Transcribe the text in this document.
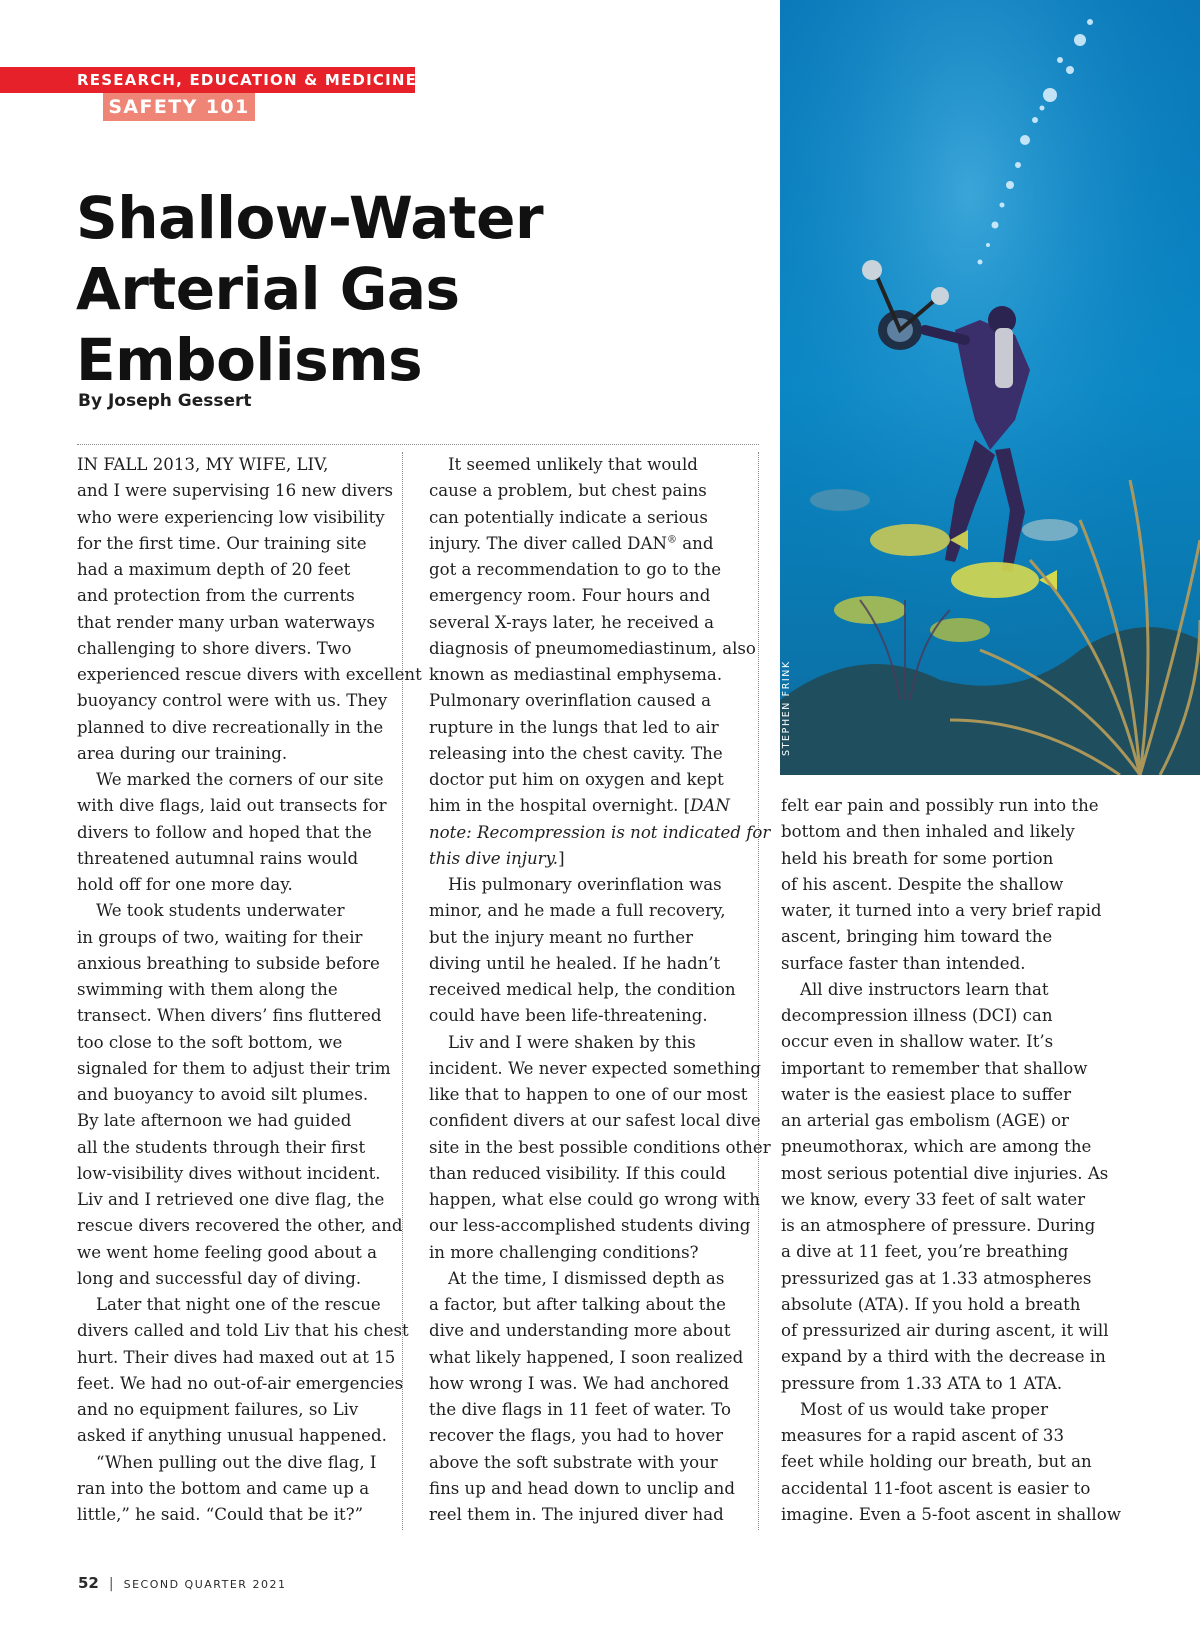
RESEARCH, EDUCATION & MEDICINE
SAFETY 101
Shallow-Water
Arterial Gas
Embolisms
By Joseph Gessert
STEPHEN FRINK
IN FALL 2013, MY WIFE, LIV,
and I were supervising 16 new divers
who were experiencing low visibility
for the first time. Our training site
had a maximum depth of 20 feet
and protection from the currents
that render many urban waterways
challenging to shore divers. Two
experienced rescue divers with excellent
buoyancy control were with us. They
planned to dive recreationally in the
area during our training.
We marked the corners of our site
with dive flags, laid out transects for
divers to follow and hoped that the
threatened autumnal rains would
hold off for one more day.
We took students underwater
in groups of two, waiting for their
anxious breathing to subside before
swimming with them along the
transect. When divers’ fins fluttered
too close to the soft bottom, we
signaled for them to adjust their trim
and buoyancy to avoid silt plumes.
By late afternoon we had guided
all the students through their first
low-visibility dives without incident.
Liv and I retrieved one dive flag, the
rescue divers recovered the other, and
we went home feeling good about a
long and successful day of diving.
Later that night one of the rescue
divers called and told Liv that his chest
hurt. Their dives had maxed out at 15
feet. We had no out-of-air emergencies
and no equipment failures, so Liv
asked if anything unusual happened.
“When pulling out the dive flag, I
ran into the bottom and came up a
little,” he said. “Could that be it?”
It seemed unlikely that would
cause a problem, but chest pains
can potentially indicate a serious
injury. The diver called DAN® and
got a recommendation to go to the
emergency room. Four hours and
several X-rays later, he received a
diagnosis of pneumomediastinum, also
known as mediastinal emphysema.
Pulmonary overinflation caused a
rupture in the lungs that led to air
releasing into the chest cavity. The
doctor put him on oxygen and kept
him in the hospital overnight. [DAN
note: Recompression is not indicated for
this dive injury.]
His pulmonary overinflation was
minor, and he made a full recovery,
but the injury meant no further
diving until he healed. If he hadn’t
received medical help, the condition
could have been life-threatening.
Liv and I were shaken by this
incident. We never expected something
like that to happen to one of our most
confident divers at our safest local dive
site in the best possible conditions other
than reduced visibility. If this could
happen, what else could go wrong with
our less-accomplished students diving
in more challenging conditions?
At the time, I dismissed depth as
a factor, but after talking about the
dive and understanding more about
what likely happened, I soon realized
how wrong I was. We had anchored
the dive flags in 11 feet of water. To
recover the flags, you had to hover
above the soft substrate with your
fins up and head down to unclip and
reel them in. The injured diver had
felt ear pain and possibly run into the
bottom and then inhaled and likely
held his breath for some portion
of his ascent. Despite the shallow
water, it turned into a very brief rapid
ascent, bringing him toward the
surface faster than intended.
All dive instructors learn that
decompression illness (DCI) can
occur even in shallow water. It’s
important to remember that shallow
water is the easiest place to suffer
an arterial gas embolism (AGE) or
pneumothorax, which are among the
most serious potential dive injuries. As
we know, every 33 feet of salt water
is an atmosphere of pressure. During
a dive at 11 feet, you’re breathing
pressurized gas at 1.33 atmospheres
absolute (ATA). If you hold a breath
of pressurized air during ascent, it will
expand by a third with the decrease in
pressure from 1.33 ATA to 1 ATA.
Most of us would take proper
measures for a rapid ascent of 33
feet while holding our breath, but an
accidental 11-foot ascent is easier to
imagine. Even a 5-foot ascent in shallow
52 | SECOND QUARTER 2021
